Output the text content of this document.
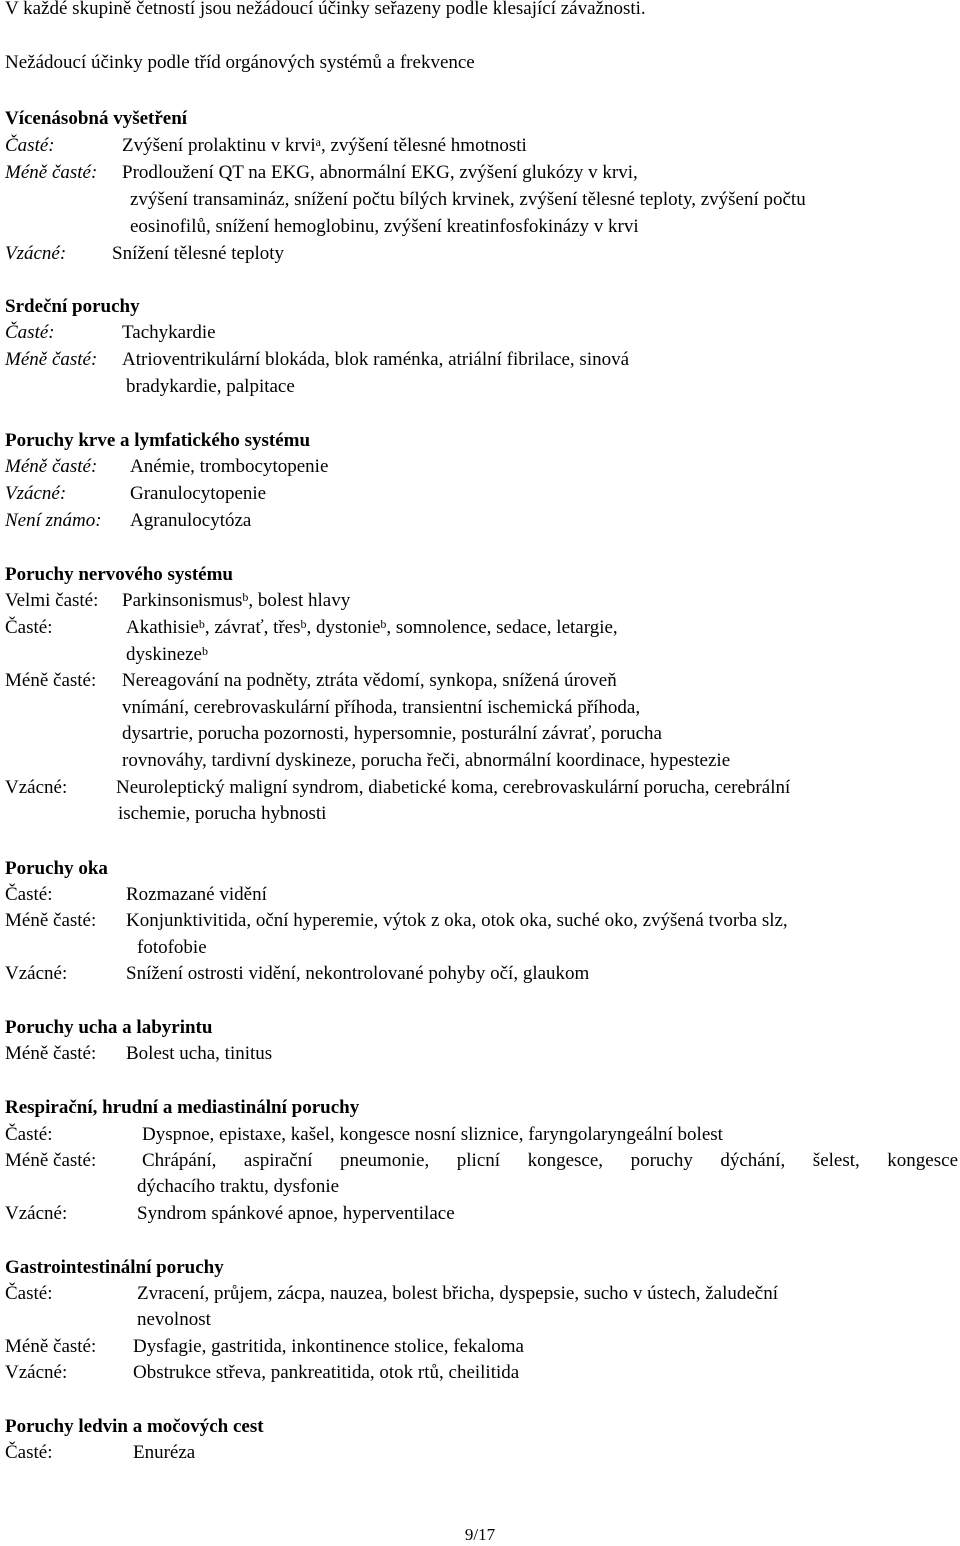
V každé skupině četností jsou nežádoucí účinky seřazeny podle klesající závažnosti.
Nežádoucí účinky podle tříd orgánových systémů a frekvence
Vícenásobná vyšetření
Časté:	Zvýšení prolaktinu v krvi$^a$, zvýšení tělesné hmotnosti
Méně časté: Prodloužení QT na EKG, abnormální EKG, zvýšení glukózy v krvi,
zvýšení transamináz, snížení počtu bílých krvinek, zvýšení tělesné teploty, zvýšení počtu
eosinofilů, snížení hemoglobinu, zvýšení kreatinfosfokinázy v krvi
Vzácné: Snížení tělesné teploty
Srdeční poruchy
Časté:	Tachykardie
Méně časté: Atrioventrikulární blokáda, blok raménka, atriální fibrilace, sinová
bradykardie, palpitace
Poruchy krve a lymfatického systému
Méně časté: Anémie, trombocytopenie
Vzácné:	Granulocytopenie
Není známo: Agranulocytóza
Poruchy nervového systému
Velmi časté: Parkinsonismus$^b$, bolest hlavy
Časté:	Akathisie$^b$, závrať, třes$^b$, dystonie$^b$, somnolence, sedace, letargie,
dyskineze$^b$
Méně časté: Nereagování na podněty, ztráta vědomí, synkopa, snížená úroveň
vnímání, cerebrovaskulární příhoda, transientní ischemická příhoda,
dysartrie, porucha pozornosti, hypersomnie, posturální závrať, porucha
rovnováhy, tardivní dyskineze, porucha řeči, abnormální koordinace, hypestezie
Vzácné:	Neuroleptický maligní syndrom, diabetické koma, cerebrovaskulární porucha, cerebrální
ischemie, porucha hybnosti
Poruchy oka
Časté:	Rozmazané vidění
Méně časté: Konjunktivitida, oční hyperemie, výtok z oka, otok oka, suché oko, zvýšená tvorba slz,
fotofobie
Vzácné:	Snížení ostrosti vidění, nekontrolované pohyby očí, glaukom
Poruchy ucha a labyrintu
Méně časté: Bolest ucha, tinitus
Respirační, hrudní a mediastinální poruchy
Časté:	Dyspnoe, epistaxe, kašel, kongesce nosní sliznice, faryngolaryngeální bolest
Méně časté: Chrápání, aspirační pneumonie, plicní kongesce, poruchy dýchání, šelest, kongesce
dýchacího traktu, dysfonie
Vzácné:	Syndrom spánkové apnoe, hyperventilace
Gastrointestinální poruchy
Časté:	Zvracení, průjem, zácpa, nauzea, bolest břicha, dyspepsie, sucho v ústech, žaludeční
nevolnost
Méně časté: Dysfagie, gastritida, inkontinence stolice, fekaloma
Vzácné:	Obstrukce střeva, pankreatitida, otok rtů, cheilitida
Poruchy ledvin a močových cest
Časté:	Enuréza
9/17
